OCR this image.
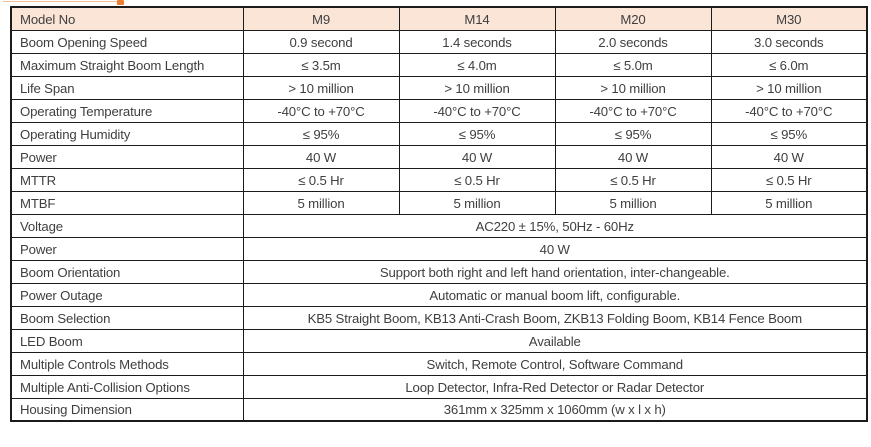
Model No	M9	M14	M20	M30
Boom Opening Speed	0.9 second	1.4 seconds	2.0 seconds	3.0 seconds
Maximum Straight Boom Length	≤ 3.5m	≤ 4.0m	≤ 5.0m	≤ 6.0m
Life Span	> 10 million	> 10 million	> 10 million	> 10 million
Operating Temperature	-40°C to +70°C	-40°C to +70°C	-40°C to +70°C	-40°C to +70°C
Operating Humidity	≤ 95%	≤ 95%	≤ 95%	≤ 95%
Power	40 W	40 W	40 W	40 W
MTTR	≤ 0.5 Hr	≤ 0.5 Hr	≤ 0.5 Hr	≤ 0.5 Hr
MTBF	5 million	5 million	5 million	5 million
Voltage	AC220 ± 15%, 50Hz - 60Hz			
Power	40 W			
Boom Orientation	Support both right and left hand orientation, inter-changeable.			
Power Outage	Automatic or manual boom lift, configurable.			
Boom Selection	KB5 Straight Boom, KB13 Anti-Crash Boom, ZKB13 Folding Boom, KB14 Fence Boom			
LED Boom	Available			
Multiple Controls Methods	Switch, Remote Control, Software Command			
Multiple Anti-Collision Options	Loop Detector, Infra-Red Detector or Radar Detector			
Housing Dimension	361mm x 325mm x 1060mm (w x l x h)			
